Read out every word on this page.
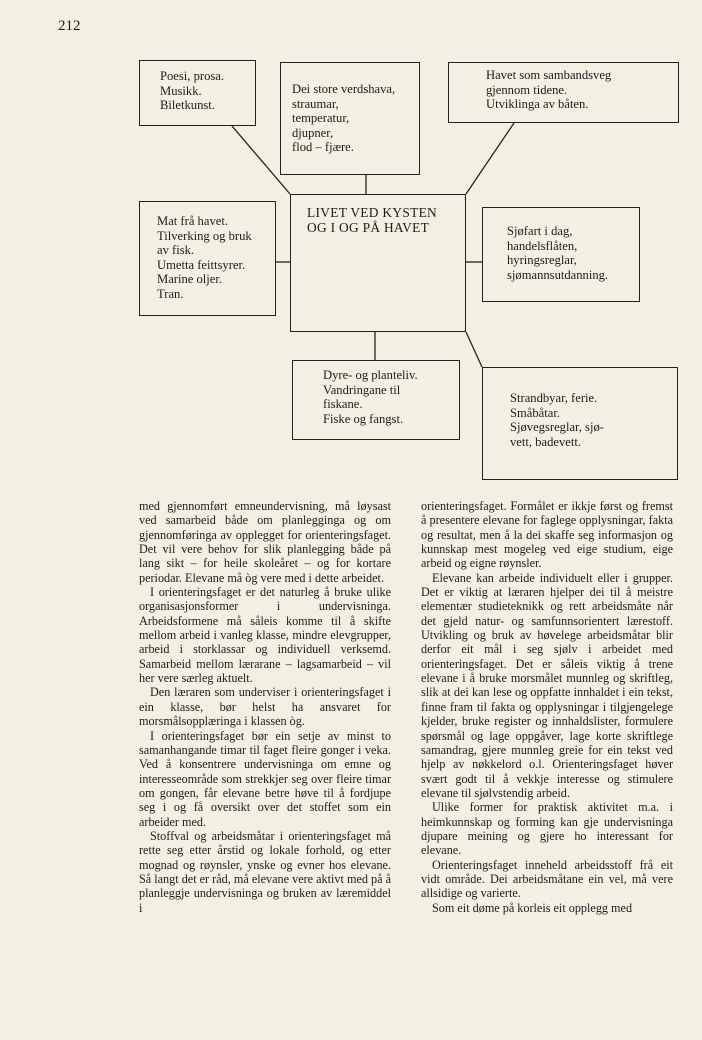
212
Poesi, prosa.
Musikk.
Biletkunst.
Dei store verdshava,
straumar,
temperatur,
djupner,
flod – fjære.
Havet som sambandsveg
gjennom tidene.
Utviklinga av båten.
Mat frå havet.
Tilverking og bruk
av fisk.
Umetta feittsyrer.
Marine oljer.
Tran.
LIVET VED KYSTEN
OG I OG PÅ HAVET	Sjøfart i dag,
handelsflåten,
hyringsreglar,
sjømannsutdanning.
Dyre- og planteliv.
Vandringane til
fiskane.
Fiske og fangst.
Strandbyar, ferie.
Småbåtar.
Sjøvegsreglar, sjø-
vett, badevett.

med gjennomført emneundervisning, må løysast ved samarbeid både om planlegginga og om gjennomføringa av opplegget for orienteringsfaget. Det vil vere behov for slik planlegging både på lang sikt – for heile skoleåret – og for kortare periodar. Elevane må òg vere med i dette arbeidet.

I orienteringsfaget er det naturleg å bruke ulike organisasjonsformer i undervisninga. Arbeidsformene må såleis komme til å skifte mellom arbeid i vanleg klasse, mindre elevgrupper, arbeid i storklassar og individuell verksemd. Samarbeid mellom lærarane – lagsamarbeid – vil her vere særleg aktuelt.

Den læraren som underviser i orienteringsfaget i ein klasse, bør helst ha ansvaret for morsmålsopplæringa i klassen òg.

I orienteringsfaget bør ein setje av minst to samanhangande timar til faget fleire gonger i veka. Ved å konsentrere undervisninga om emne og interesseområde som strekkjer seg over fleire timar om gongen, får elevane betre høve til å fordjupe seg i og få oversikt over det stoffet som ein arbeider med.

Stoffval og arbeidsmåtar i orienteringsfaget må rette seg etter årstid og lokale forhold, og etter mognad og røynsler, ynske og evner hos elevane. Så langt det er råd, må elevane vere aktivt med på å planleggje undervisninga og bruken av læremiddel i

orienteringsfaget. Formålet er ikkje først og fremst å presentere elevane for faglege opplysningar, fakta og resultat, men å la dei skaffe seg informasjon og kunnskap mest mogeleg ved eige studium, eige arbeid og eigne røynsler.

Elevane kan arbeide individuelt eller i grupper. Det er viktig at læraren hjelper dei til å meistre elementær studieteknikk og rett arbeidsmåte når det gjeld natur- og samfunnsorientert lærestoff. Utvikling og bruk av høvelege arbeidsmåtar blir derfor eit mål i seg sjølv i arbeidet med orienteringsfaget. Det er såleis viktig å trene elevane i å bruke morsmålet munnleg og skriftleg, slik at dei kan lese og oppfatte innhaldet i ein tekst, finne fram til fakta og opplysningar i tilgjengelege kjelder, bruke register og innhaldslister, formulere spørsmål og lage oppgåver, lage korte skriftlege samandrag, gjere munnleg greie for ein tekst ved hjelp av nøkkelord o.l. Orienteringsfaget høver svært godt til å vekkje interesse og stimulere elevane til sjølvstendig arbeid.

Ulike former for praktisk aktivitet m.a. i heimkunnskap og forming kan gje undervisninga djupare meining og gjere ho interessant for elevane.

Orienteringsfaget inneheld arbeidsstoff frå eit vidt område. Dei arbeidsmåtane ein vel, må vere allsidige og varierte.

Som eit døme på korleis eit opplegg med
